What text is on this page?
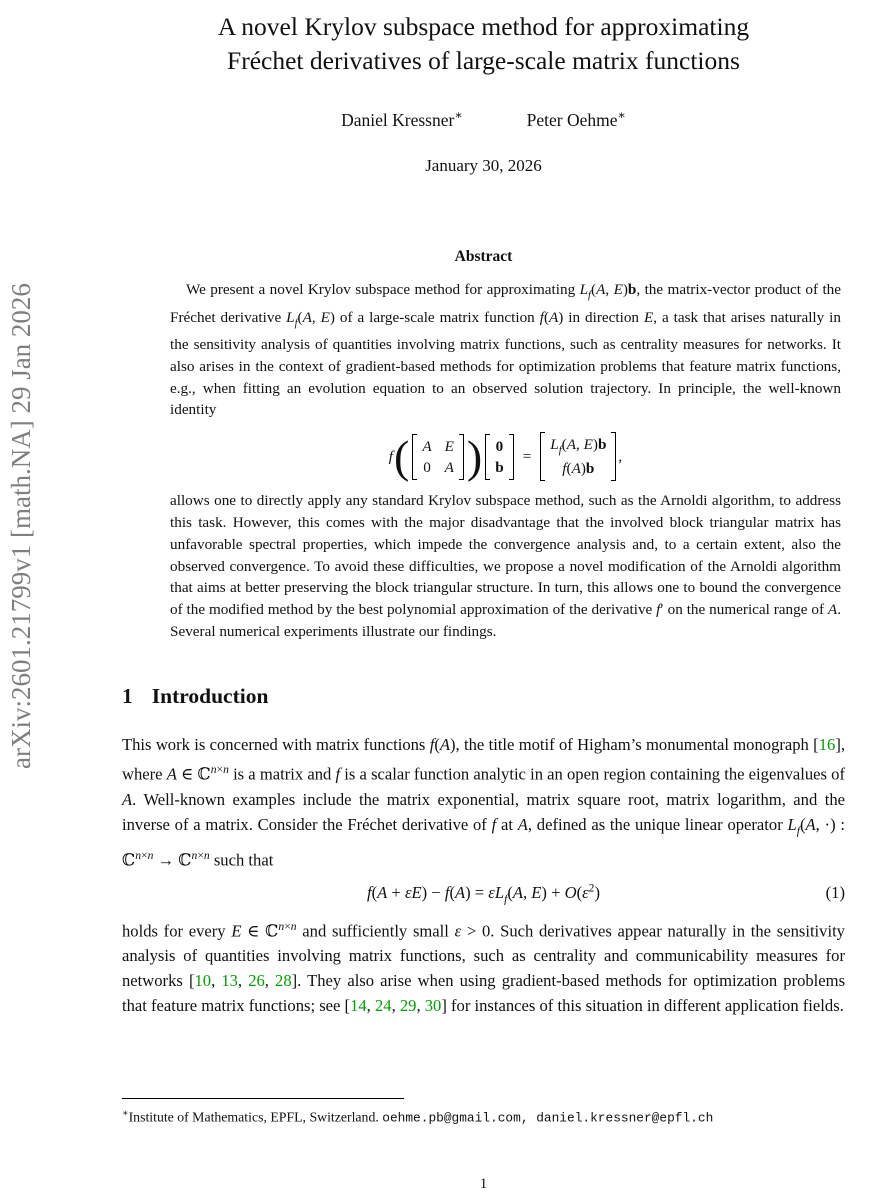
arXiv:2601.21799v1 [math.NA] 29 Jan 2026
A novel Krylov subspace method for approximating
Fréchet derivatives of large-scale matrix functions
Daniel Kressner∗	Peter Oehme∗
January 30, 2026
Abstract

We present a novel Krylov subspace method for approximating $L_f(A$, E)b, the matrix-vector product of the Fréchet derivative $L_f(A$, E) of a large-scale matrix function f(A) in direction E, a task that arises naturally in the sensitivity analysis of quantities involving matrix functions, such as centrality measures for networks. It also arises in the context of gradient-based methods for optimization problems that feature matrix functions, e.g., when fitting an evolution equation to an observed solution trajectory. In principle, the well-known identity

f ( A E
0 A ) 0
b
=
$L_f(A$, E)b
f(A)b
,

allows one to directly apply any standard Krylov subspace method, such as the Arnoldi algorithm, to address this task. However, this comes with the major disadvantage that the involved block triangular matrix has unfavorable spectral properties, which impede the convergence analysis and, to a certain extent, also the observed convergence. To avoid these difficulties, we propose a novel modification of the Arnoldi algorithm that aims at better preserving the block triangular structure. In turn, this allows one to bound the convergence of the modified method by the best polynomial approximation of the derivative f′ on the numerical range of A. Several numerical experiments illustrate our findings.

1 Introduction

This work is concerned with matrix functions f(A), the title motif of Higham’s monumental monograph [16], where A ∈ ℂ$^{n\times n}$ is a matrix and f is a scalar function analytic in an open region containing the eigenvalues of A. Well-known examples include the matrix exponential, matrix square root, matrix logarithm, and the inverse of a matrix. Consider the Fréchet derivative of f at A, defined as the unique linear operator $L_f(A$, ·) : ℂ$^{n\times n}$ → ℂ$^{n\times n}$ such that

$f(A + \varepsilon E) - f(A) = \varepsilon L_f(A$, $E) + O(\varepsilon^2)$	(1)

holds for every E ∈ ℂ$^{n\times n}$ and sufficiently small ε > 0. Such derivatives appear naturally in the sensitivity analysis of quantities involving matrix functions, such as centrality and communicability measures for networks [10, 13, 26, 28]. They also arise when using gradient-based methods for optimization problems that feature matrix functions; see [14, 24, 29, 30] for instances of this situation in different application fields.

∗Institute of Mathematics, EPFL, Switzerland. oehme.pb@gmail.com, daniel.kressner@epfl.ch
1
